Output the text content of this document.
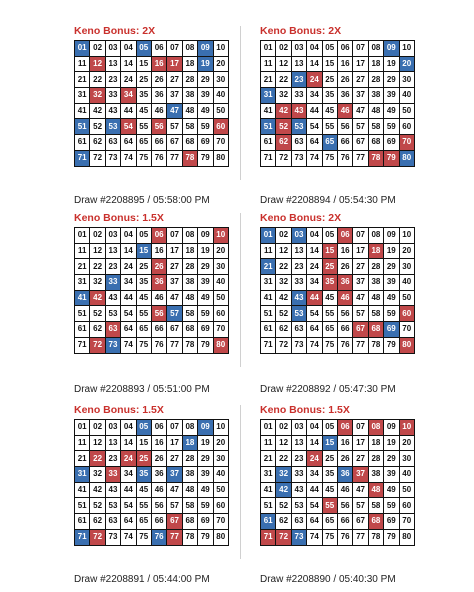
Keno Bonus: 2X
01 02 03 04 05 06 07 08 09 10
11 12 13 14 15 16 17 18 19 20
21 22 23 24 25 26 27 28 29 30
31 32 33 34 35 36 37 38 39 40
41 42 43 44 45 46 47 48 49 50
51 52 53 54 55 56 57 58 59 60
61 62 63 64 65 66 67 68 69 70
71 72 73 74 75 76 77 78 79 80
Keno Bonus: 2X
01 02 03 04 05 06 07 08 09 10
11 12 13 14 15 16 17 18 19 20
21 22 23 24 25 26 27 28 29 30
31 32 33 34 35 36 37 38 39 40
41 42 43 44 45 46 47 48 49 50
51 52 53 54 55 56 57 58 59 60
61 62 63 64 65 66 67 68 69 70
71 72 73 74 75 76 77 78 79 80
Draw #2208895 / 05:58:00 PM	Draw #2208894 / 05:54:30 PM
Keno Bonus: 1.5X
01 02 03 04 05 06 07 08 09 10
11 12 13 14 15 16 17 18 19 20
21 22 23 24 25 26 27 28 29 30
31 32 33 34 35 36 37 38 39 40
41 42 43 44 45 46 47 48 49 50
51 52 53 54 55 56 57 58 59 60
61 62 63 64 65 66 67 68 69 70
71 72 73 74 75 76 77 78 79 80
Keno Bonus: 2X
01 02 03 04 05 06 07 08 09 10
11 12 13 14 15 16 17 18 19 20
21 22 23 24 25 26 27 28 29 30
31 32 33 34 35 36 37 38 39 40
41 42 43 44 45 46 47 48 49 50
51 52 53 54 55 56 57 58 59 60
61 62 63 64 65 66 67 68 69 70
71 72 73 74 75 76 77 78 79 80
Draw #2208893 / 05:51:00 PM	Draw #2208892 / 05:47:30 PM
Keno Bonus: 1.5X
01 02 03 04 05 06 07 08 09 10
11 12 13 14 15 16 17 18 19 20
21 22 23 24 25 26 27 28 29 30
31 32 33 34 35 36 37 38 39 40
41 42 43 44 45 46 47 48 49 50
51 52 53 54 55 56 57 58 59 60
61 62 63 64 65 66 67 68 69 70
71 72 73 74 75 76 77 78 79 80
Keno Bonus: 1.5X
01 02 03 04 05 06 07 08 09 10
11 12 13 14 15 16 17 18 19 20
21 22 23 24 25 26 27 28 29 30
31 32 33 34 35 36 37 38 39 40
41 42 43 44 45 46 47 48 49 50
51 52 53 54 55 56 57 58 59 60
61 62 63 64 65 66 67 68 69 70
71 72 73 74 75 76 77 78 79 80
Draw #2208891 / 05:44:00 PM	Draw #2208890 / 05:40:30 PM
